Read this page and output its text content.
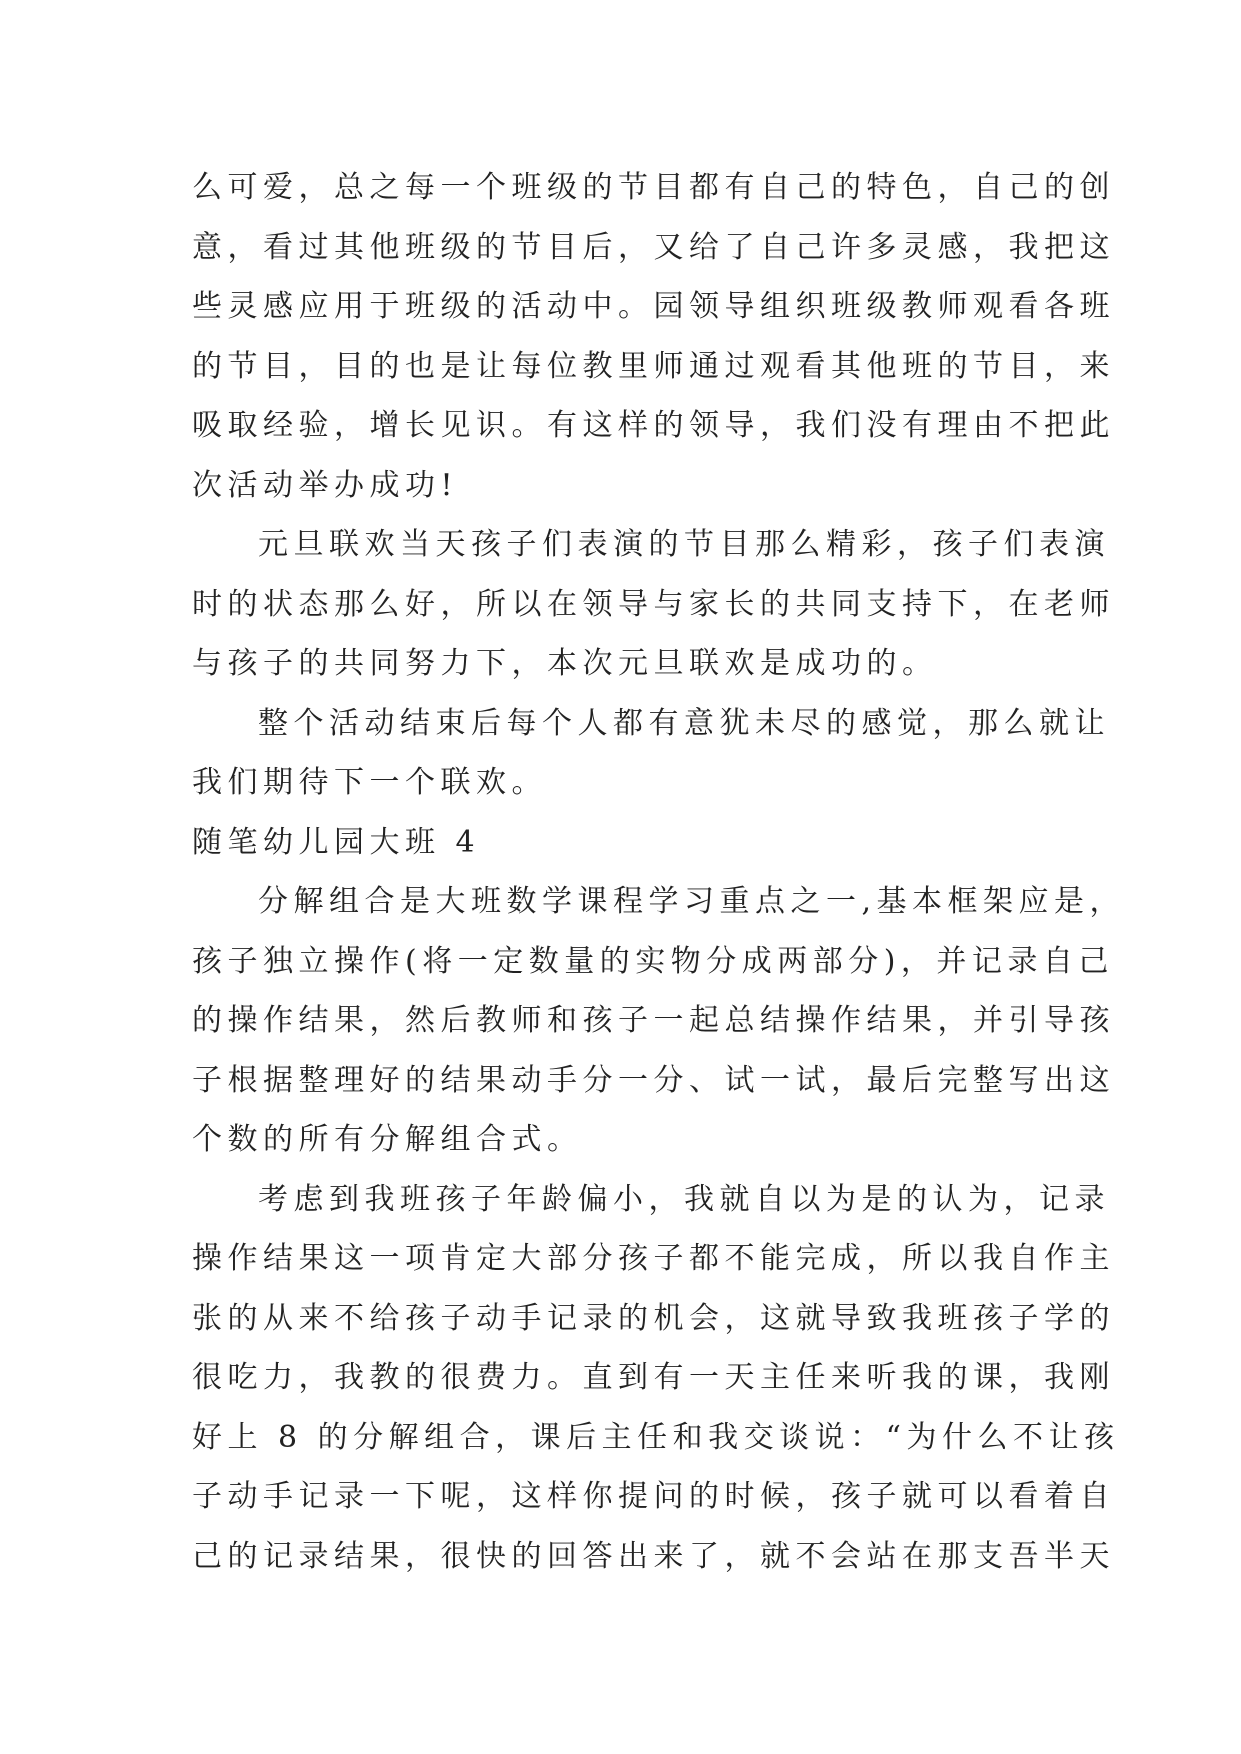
么可爱，总之每一个班级的节目都有自己的特色，自己的创
意，看过其他班级的节目后，又给了自己许多灵感，我把这
些灵感应用于班级的活动中。园领导组织班级教师观看各班
的节目，目的也是让每位教里师通过观看其他班的节目，来
吸取经验，增长见识。有这样的领导，我们没有理由不把此
次活动举办成功!
元旦联欢当天孩子们表演的节目那么精彩，孩子们表演
时的状态那么好，所以在领导与家长的共同支持下，在老师
与孩子的共同努力下，本次元旦联欢是成功的。
整个活动结束后每个人都有意犹未尽的感觉，那么就让
我们期待下一个联欢。
随笔幼儿园大班 4
分解组合是大班数学课程学习重点之一,基本框架应是，
孩子独立操作(将一定数量的实物分成两部分)，并记录自己
的操作结果，然后教师和孩子一起总结操作结果，并引导孩
子根据整理好的结果动手分一分、试一试，最后完整写出这
个数的所有分解组合式。
考虑到我班孩子年龄偏小，我就自以为是的认为，记录
操作结果这一项肯定大部分孩子都不能完成，所以我自作主
张的从来不给孩子动手记录的机会，这就导致我班孩子学的
很吃力，我教的很费力。直到有一天主任来听我的课，我刚
好上 8 的分解组合，课后主任和我交谈说：“为什么不让孩
子动手记录一下呢，这样你提问的时候，孩子就可以看着自
己的记录结果，很快的回答出来了，就不会站在那支吾半天
